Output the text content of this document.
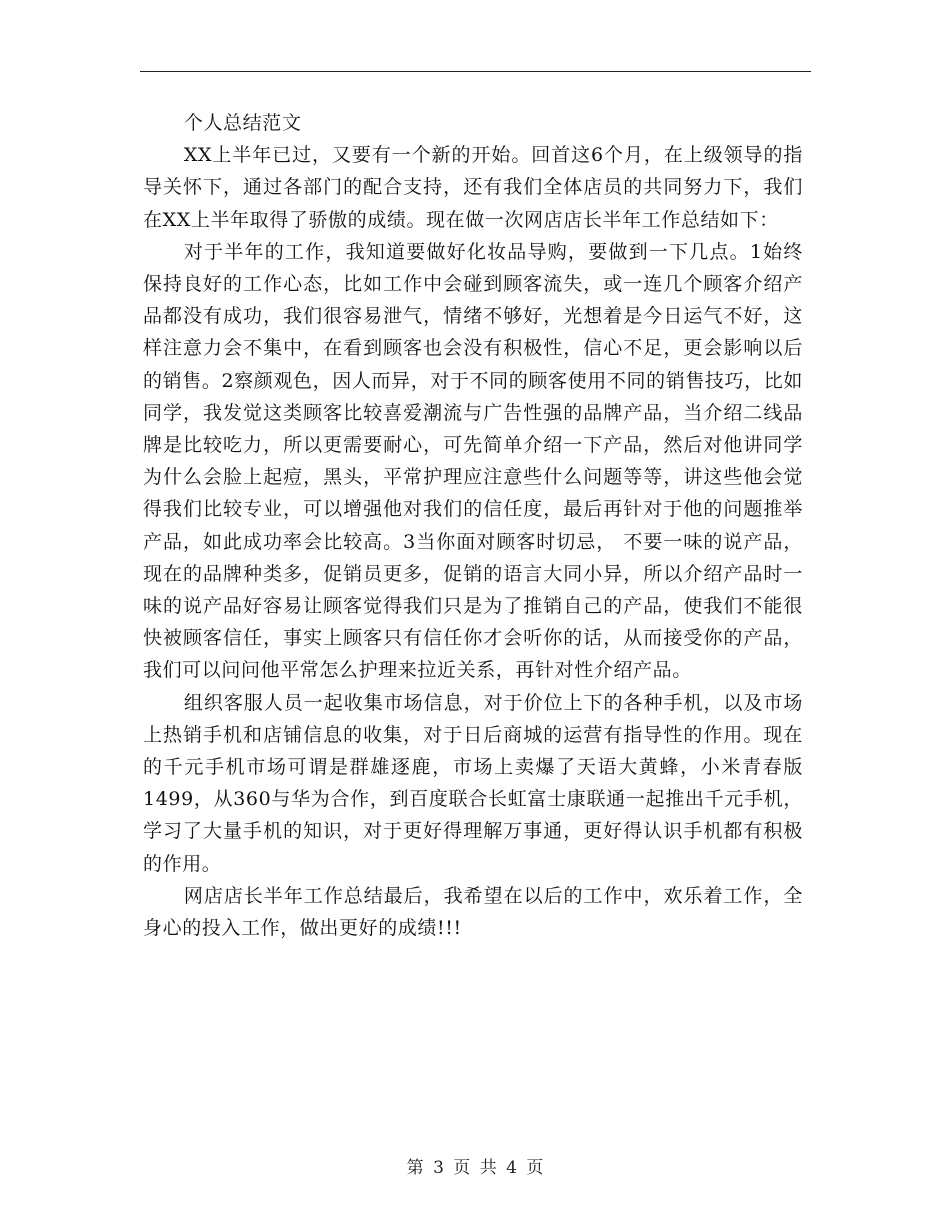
个人总结范文

XX上半年已过，又要有一个新的开始。回首这6个月，在上级领导的指导关怀下，通过各部门的配合支持，还有我们全体店员的共同努力下，我们在XX上半年取得了骄傲的成绩。现在做一次网店店长半年工作总结如下：

对于半年的工作，我知道要做好化妆品导购，要做到一下几点。1始终保持良好的工作心态，比如工作中会碰到顾客流失，或一连几个顾客介绍产品都没有成功，我们很容易泄气，情绪不够好，光想着是今日运气不好，这样注意力会不集中，在看到顾客也会没有积极性，信心不足，更会影响以后的销售。2察颜观色，因人而异，对于不同的顾客使用不同的销售技巧，比如同学，我发觉这类顾客比较喜爱潮流与广告性强的品牌产品，当介绍二线品牌是比较吃力，所以更需要耐心，可先简单介绍一下产品，然后对他讲同学为什么会脸上起痘，黑头，平常护理应注意些什么问题等等，讲这些他会觉得我们比较专业，可以增强他对我们的信任度，最后再针对于他的问题推举产品，如此成功率会比较高。3当你面对顾客时切忌， 不要一味的说产品，现在的品牌种类多，促销员更多，促销的语言大同小异，所以介绍产品时一味的说产品好容易让顾客觉得我们只是为了推销自己的产品，使我们不能很快被顾客信任，事实上顾客只有信任你才会听你的话，从而接受你的产品，我们可以问问他平常怎么护理来拉近关系，再针对性介绍产品。

组织客服人员一起收集市场信息，对于价位上下的各种手机，以及市场上热销手机和店铺信息的收集，对于日后商城的运营有指导性的作用。现在的千元手机市场可谓是群雄逐鹿，市场上卖爆了天语大黄蜂，小米青春版1499，从360与华为合作，到百度联合长虹富士康联通一起推出千元手机，学习了大量手机的知识，对于更好得理解万事通，更好得认识手机都有积极的作用。

网店店长半年工作总结最后，我希望在以后的工作中，欢乐着工作，全身心的投入工作，做出更好的成绩!!!

第 3 页 共 4 页
